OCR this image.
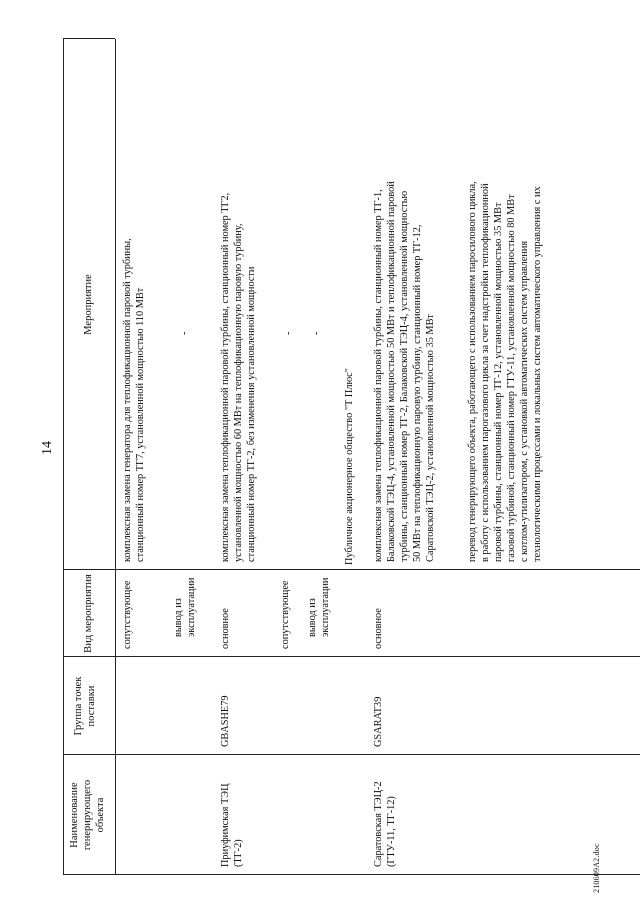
14
210609А2.doc
Наименование генерирующего объекта
Группа точек поставки
Вид мероприятия
Мероприятие
сопутствующее
комплексная замена генератора для теплофикационной паровой турбины, станционный номер ТГ7, установленной мощностью 110 МВт
вывод из эксплуатации
-
Приуфимская ТЭЦ (ТГ-2)
GBASHE79
основное
комплексная замена теплофикационной паровой турбины, станционный номер ТГ2, установленной мощностью 60 МВт на теплофикационную паровую турбину, станционный номер ТГ-2, без изменения установленной мощности
сопутствующее
-
вывод из эксплуатации
-
Публичное акционерное общество "Т Плюс"
Саратовская ТЭЦ-2 (ГТУ-11, ТГ-12)
GSARAT39
основное
комплексная замена теплофикационной паровой турбины, станционный номер ТГ-1, Балаковской ТЭЦ-4, установленной мощностью 50 МВт и теплофикационной паровой турбины, станционный номер ТГ-2, Балаковской ТЭЦ-4, установленной мощностью 50 МВт на теплофикационную паровую турбину, станционный номер ТГ-12, Саратовской ТЭЦ-2, установленной мощностью 35 МВт	перевод генерирующего объекта, работающего с использованием паросилового цикла, в работу с использованием парогазового цикла за счет надстройки теплофикационной паровой турбины, станционный номер ТГ-12, установленной мощностью 35 МВт газовой турбиной, станционный номер ГТУ-11, установленной мощностью 80 МВт с котлом-утилизатором, с установкой автоматических систем управления технологическими процессами и локальных систем автоматического управления с их
